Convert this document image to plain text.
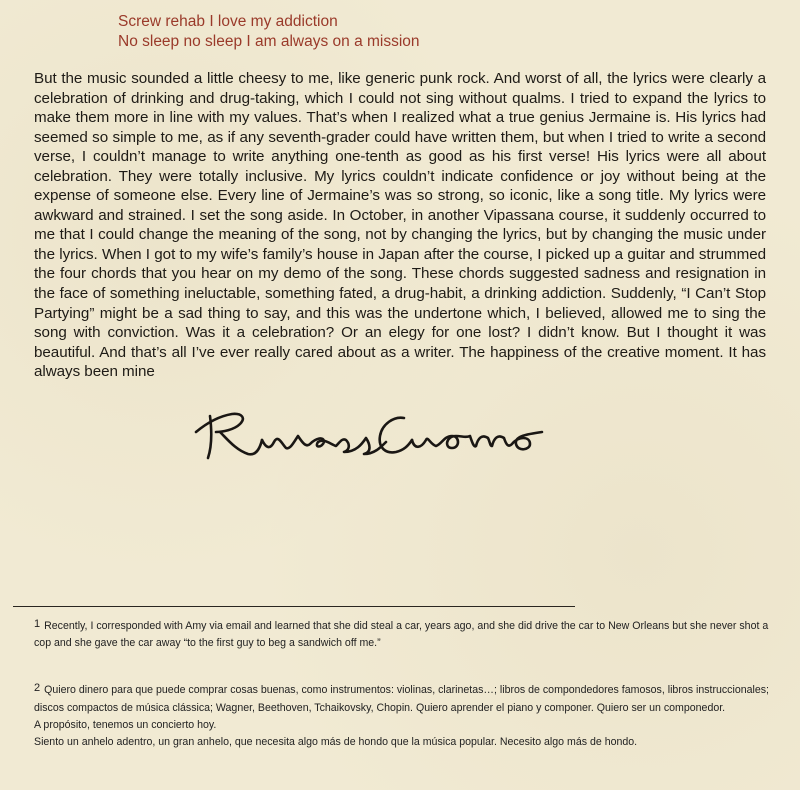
Screw rehab I love my addiction
No sleep no sleep I am always on a mission
But the music sounded a little cheesy to me, like generic punk rock. And worst of all, the lyrics were clearly a celebration of drinking and drug-taking, which I could not sing without qualms. I tried to expand the lyrics to make them more in line with my values. That’s when I realized what a true genius Jermaine is. His lyrics had seemed so simple to me, as if any seventh-grader could have written them, but when I tried to write a second verse, I couldn’t manage to write anything one-tenth as good as his first verse! His lyrics were all about celebration. They were totally inclusive. My lyrics couldn’t indicate confidence or joy without being at the expense of someone else. Every line of Jermaine’s was so strong, so iconic, like a song title. My lyrics were awkward and strained. I set the song aside. In October, in another Vipassana course, it suddenly occurred to me that I could change the meaning of the song, not by changing the lyrics, but by changing the music under the lyrics. When I got to my wife’s family’s house in Japan after the course, I picked up a guitar and strummed the four chords that you hear on my demo of the song. These chords suggested sadness and resignation in the face of something ineluctable, something fated, a drug-habit, a drinking addiction. Suddenly, “I Can’t Stop Partying” might be a sad thing to say, and this was the undertone which, I believed, allowed me to sing the song with conviction. Was it a celebration? Or an elegy for one lost? I didn’t know. But I thought it was beautiful. And that’s all I’ve ever really cared about as a writer. The happiness of the creative moment. It has always been mine

$^1$ Recently, I corresponded with Amy via email and learned that she did steal a car, years ago, and she did drive the car to New Orleans but she never shot a cop and she gave the car away “to the first guy to beg a sandwich off me.”

$^2$ Quiero dinero para que puede comprar cosas buenas, como instrumentos: violinas, clarinetas…; libros de compondedores famosos, libros instruccionales; discos compactos de música clássica; Wagner, Beethoven, Tchaikovsky, Chopin. Quiero aprender el piano y componer. Quiero ser un componedor.

A propósito, tenemos un concierto hoy.

Siento un anhelo adentro, un gran anhelo, que necesita algo más de hondo que la música popular. Necesito algo más de hondo.
